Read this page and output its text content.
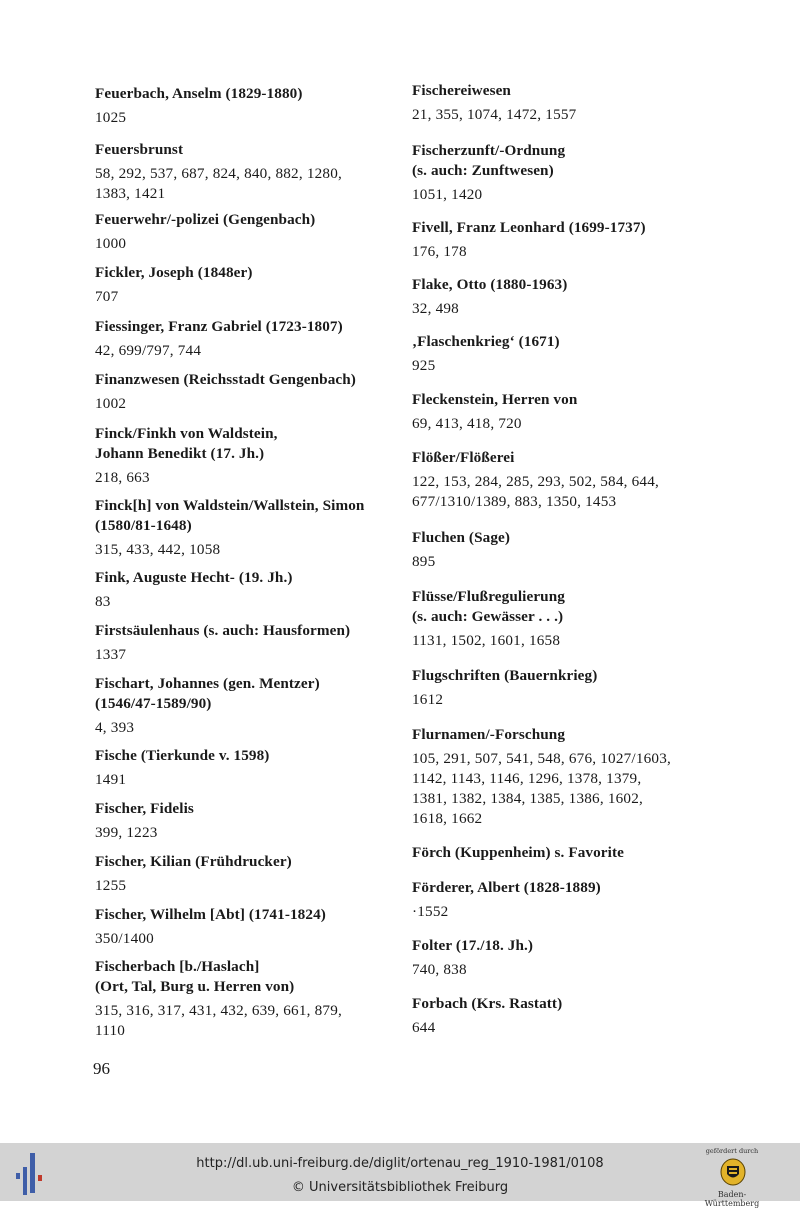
Feuerbach, Anselm (1829-1880)
1025
Feuersbrunst
58, 292, 537, 687, 824, 840, 882, 1280,
1383, 1421
Feuerwehr/-polizei (Gengenbach)
1000
Fickler, Joseph (1848er)
707
Fiessinger, Franz Gabriel (1723-1807)
42, 699/797, 744
Finanzwesen (Reichsstadt Gengenbach)
1002
Finck/Finkh von Waldstein,
Johann Benedikt (17. Jh.)
218, 663
Finck[h] von Waldstein/Wallstein, Simon
(1580/81-1648)
315, 433, 442, 1058
Fink, Auguste Hecht- (19. Jh.)
83
Firstsäulenhaus (s. auch: Hausformen)
1337
Fischart, Johannes (gen. Mentzer)
(1546/47-1589/90)
4, 393
Fische (Tierkunde v. 1598)
1491
Fischer, Fidelis
399, 1223
Fischer, Kilian (Frühdrucker)
1255
Fischer, Wilhelm [Abt] (1741-1824)
350/1400
Fischerbach [b./Haslach]
(Ort, Tal, Burg u. Herren von)
315, 316, 317, 431, 432, 639, 661, 879,
1110
Fischereiwesen
21, 355, 1074, 1472, 1557
Fischerzunft/-Ordnung
(s. auch: Zunftwesen)
1051, 1420
Fivell, Franz Leonhard (1699-1737)
176, 178
Flake, Otto (1880-1963)
32, 498
‚Flaschenkrieg‘ (1671)
925
Fleckenstein, Herren von
69, 413, 418, 720
Flößer/Flößerei
122, 153, 284, 285, 293, 502, 584, 644,
677/1310/1389, 883, 1350, 1453
Fluchen (Sage)
895
Flüsse/Flußregulierung
(s. auch: Gewässer . . .)
1131, 1502, 1601, 1658
Flugschriften (Bauernkrieg)
1612
Flurnamen/-Forschung
105, 291, 507, 541, 548, 676, 1027/1603,
1142, 1143, 1146, 1296, 1378, 1379,
1381, 1382, 1384, 1385, 1386, 1602,
1618, 1662
Förch (Kuppenheim) s. Favorite
Förderer, Albert (1828-1889)
·1552
Folter (17./18. Jh.)
740, 838
Forbach (Krs. Rastatt)
644
96
http://dl.ub.uni-freiburg.de/diglit/ortenau_reg_1910-1981/0108
© Universitätsbibliothek Freiburg
gefördert durch
Baden-Württemberg
